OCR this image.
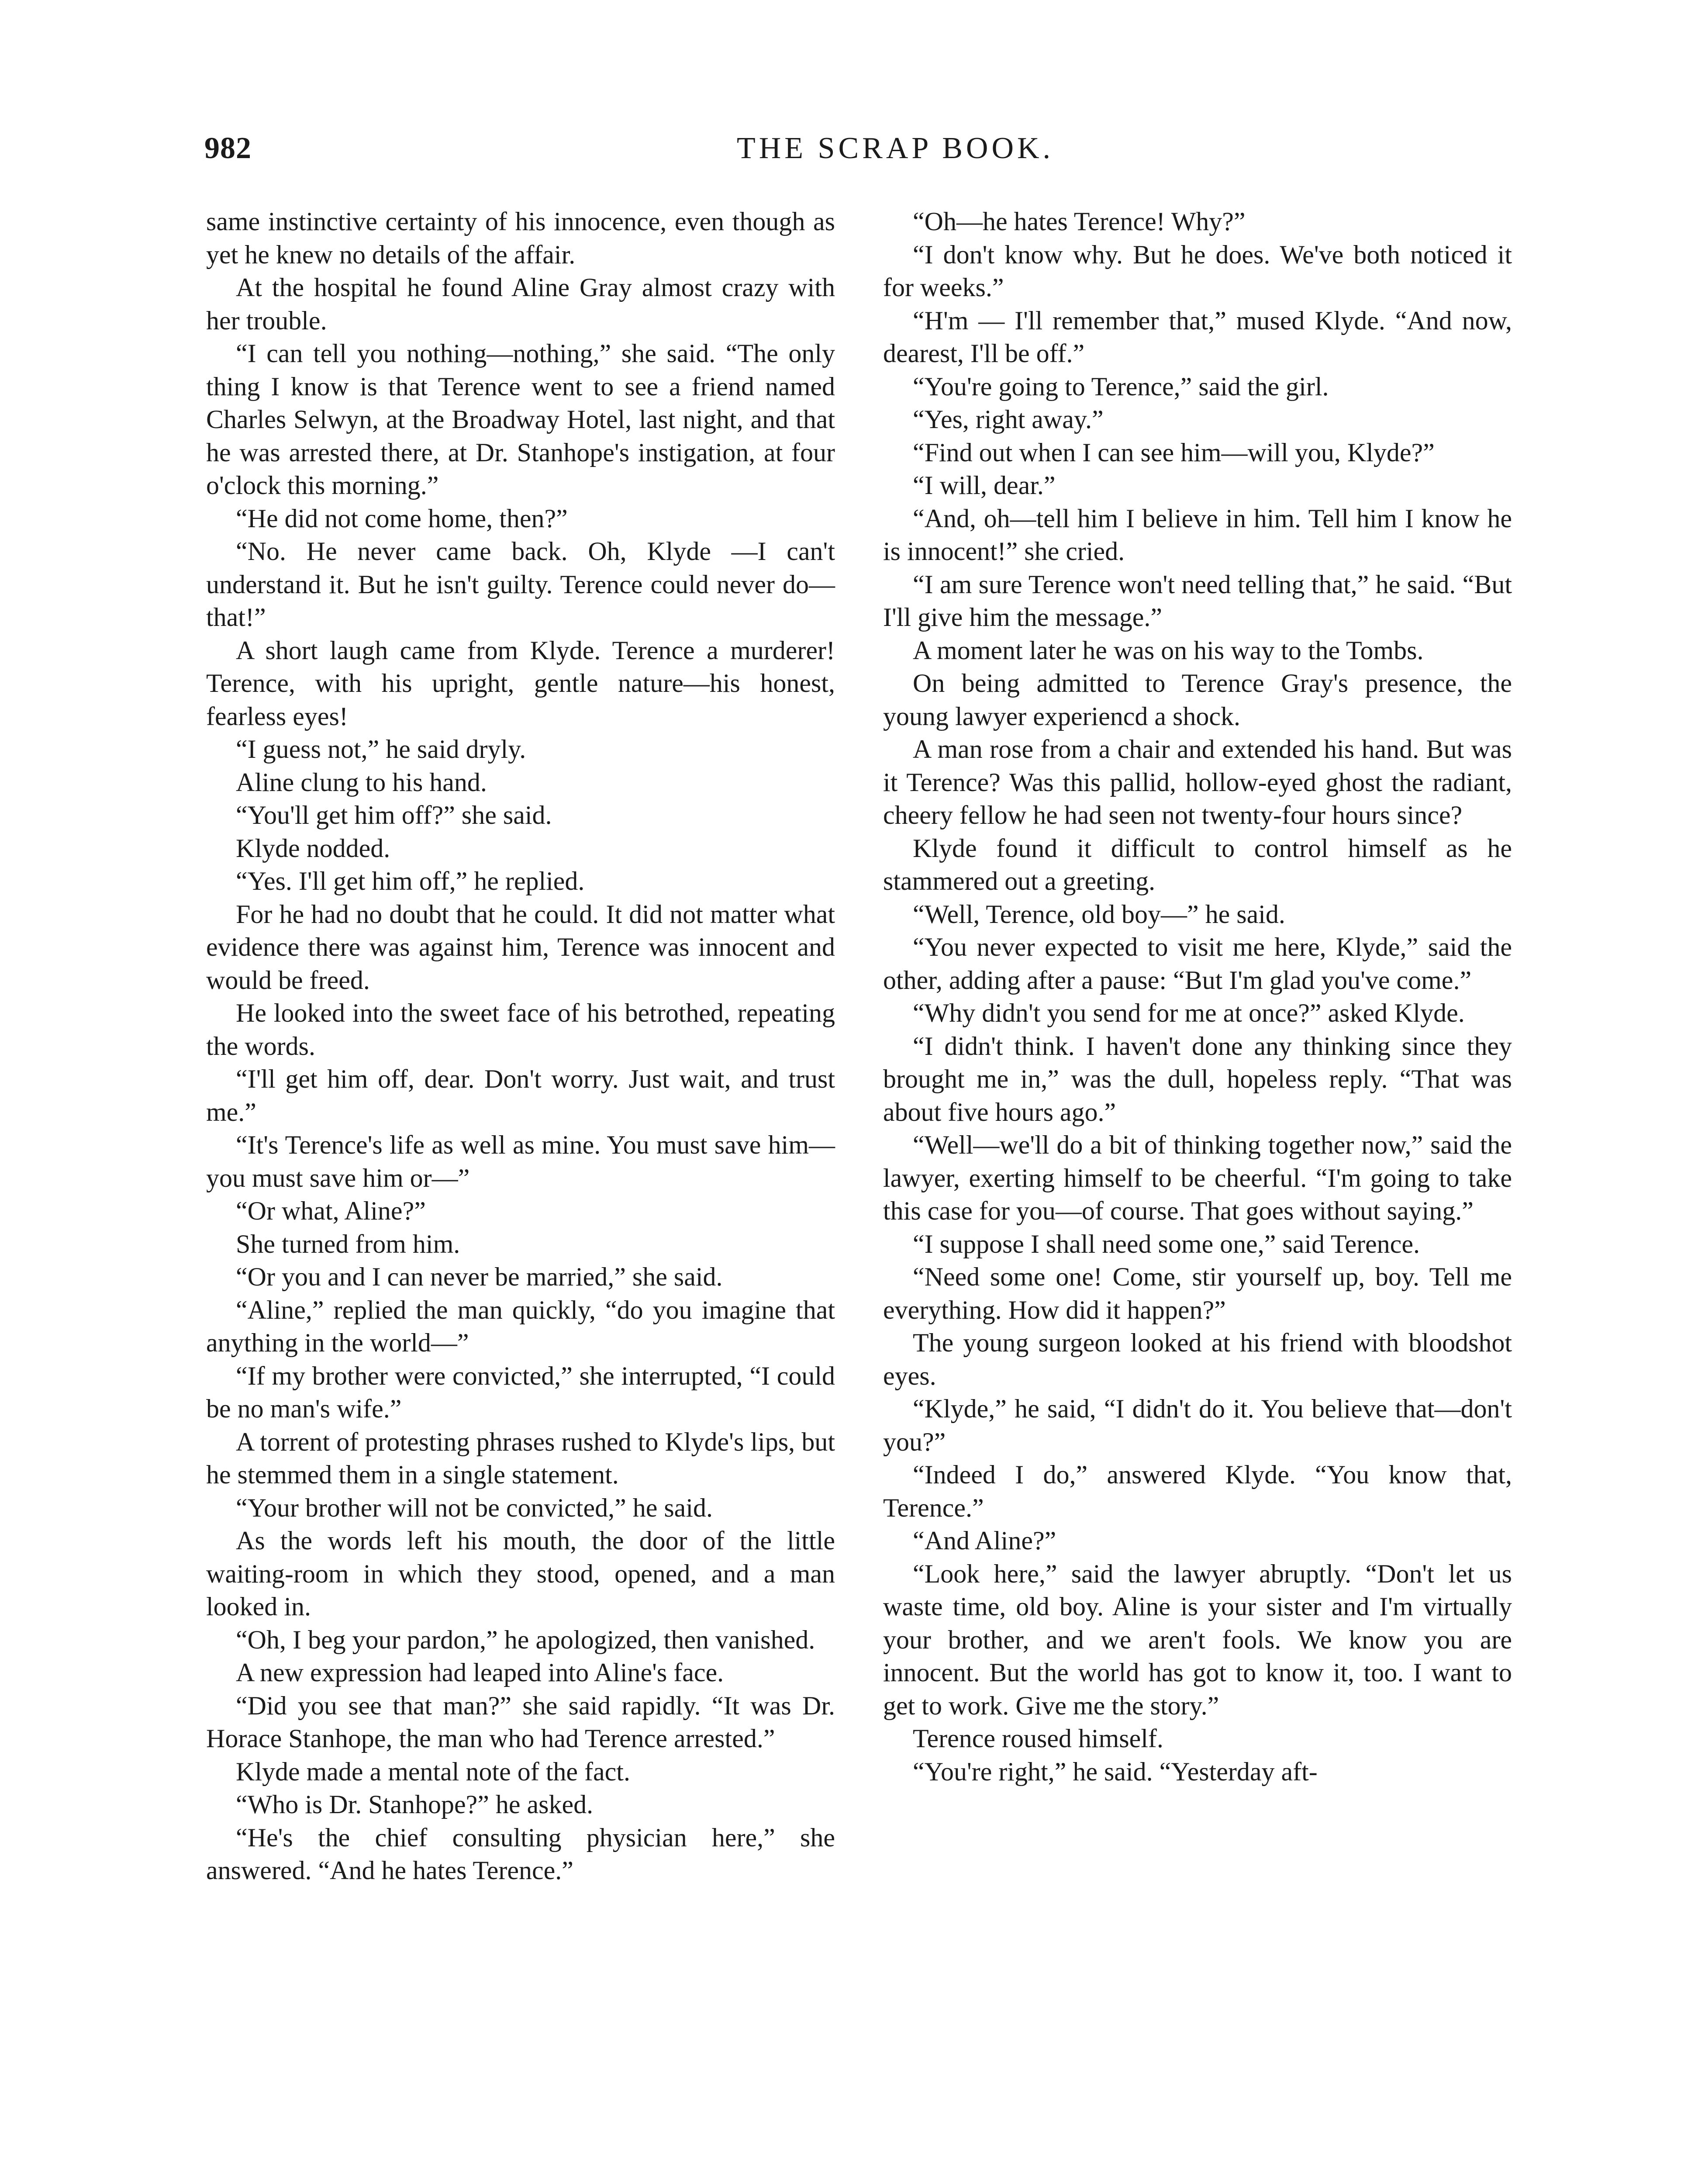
982	THE SCRAP BOOK.

same instinctive certainty of his innocence, even though as yet he knew no details of the affair.

At the hospital he found Aline Gray almost crazy with her trouble.

“I can tell you nothing—nothing,” she said. “The only thing I know is that Terence went to see a friend named Charles Selwyn, at the Broadway Hotel, last night, and that he was arrested there, at Dr. Stanhope's instigation, at four o'clock this morning.”

“He did not come home, then?”

“No. He never came back. Oh, Klyde —I can't understand it. But he isn't guilty. Terence could never do—that!”

A short laugh came from Klyde. Terence a murderer! Terence, with his upright, gentle nature—his honest, fearless eyes!

“I guess not,” he said dryly.

Aline clung to his hand.

“You'll get him off?” she said.

Klyde nodded.

“Yes. I'll get him off,” he replied.

For he had no doubt that he could. It did not matter what evidence there was against him, Terence was innocent and would be freed.

He looked into the sweet face of his betrothed, repeating the words.

“I'll get him off, dear. Don't worry. Just wait, and trust me.”

“It's Terence's life as well as mine. You must save him—you must save him or—”

“Or what, Aline?”

She turned from him.

“Or you and I can never be married,” she said.

“Aline,” replied the man quickly, “do you imagine that anything in the world—”

“If my brother were convicted,” she interrupted, “I could be no man's wife.”

A torrent of protesting phrases rushed to Klyde's lips, but he stemmed them in a single statement.

“Your brother will not be convicted,” he said.

As the words left his mouth, the door of the little waiting-room in which they stood, opened, and a man looked in.

“Oh, I beg your pardon,” he apologized, then vanished.

A new expression had leaped into Aline's face.

“Did you see that man?” she said rapidly. “It was Dr. Horace Stanhope, the man who had Terence arrested.”

Klyde made a mental note of the fact.

“Who is Dr. Stanhope?” he asked.

“He's the chief consulting physician here,” she answered. “And he hates Terence.”

“Oh—he hates Terence! Why?”

“I don't know why. But he does. We've both noticed it for weeks.”

“H'm — I'll remember that,” mused Klyde. “And now, dearest, I'll be off.”

“You're going to Terence,” said the girl.

“Yes, right away.”

“Find out when I can see him—will you, Klyde?”

“I will, dear.”

“And, oh—tell him I believe in him. Tell him I know he is innocent!” she cried.

“I am sure Terence won't need telling that,” he said. “But I'll give him the message.”

A moment later he was on his way to the Tombs.

On being admitted to Terence Gray's presence, the young lawyer experiencd a shock.

A man rose from a chair and extended his hand. But was it Terence? Was this pallid, hollow-eyed ghost the radiant, cheery fellow he had seen not twenty-four hours since?

Klyde found it difficult to control himself as he stammered out a greeting.

“Well, Terence, old boy—” he said.

“You never expected to visit me here, Klyde,” said the other, adding after a pause: “But I'm glad you've come.”

“Why didn't you send for me at once?” asked Klyde.

“I didn't think. I haven't done any thinking since they brought me in,” was the dull, hopeless reply. “That was about five hours ago.”

“Well—we'll do a bit of thinking together now,” said the lawyer, exerting himself to be cheerful. “I'm going to take this case for you—of course. That goes without saying.”

“I suppose I shall need some one,” said Terence.

“Need some one! Come, stir yourself up, boy. Tell me everything. How did it happen?”

The young surgeon looked at his friend with bloodshot eyes.

“Klyde,” he said, “I didn't do it. You believe that—don't you?”

“Indeed I do,” answered Klyde. “You know that, Terence.”

“And Aline?”

“Look here,” said the lawyer abruptly. “Don't let us waste time, old boy. Aline is your sister and I'm virtually your brother, and we aren't fools. We know you are innocent. But the world has got to know it, too. I want to get to work. Give me the story.”

Terence roused himself.

“You're right,” he said. “Yesterday aft-
